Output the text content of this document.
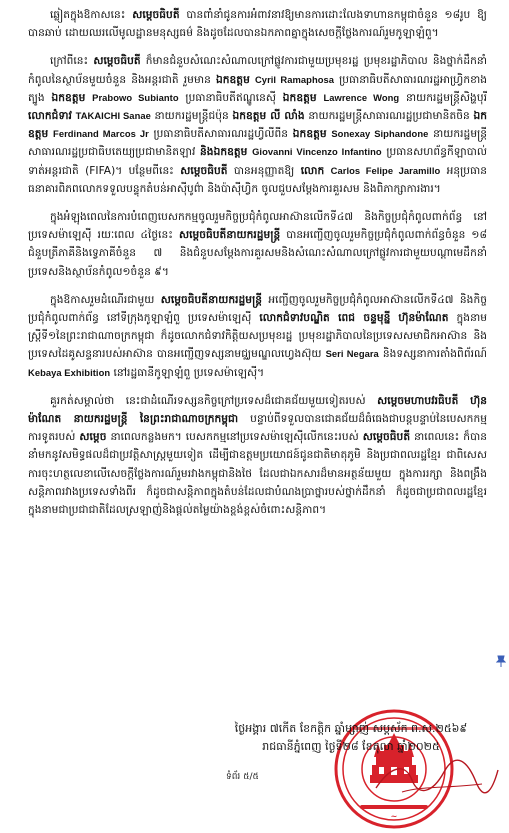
ឆ្លៀតក្នុងឱកាសនេះ សម្ដេចធិបតី បានពាំនាំជូនការអំពាវនាវឱ្យមានការដោះលែងទាហានកម្ពុជាចំនួន ១៨រូប ឱ្យបានឆាប់ ដោយឈរលើមូលដ្ឋានមនុស្សធម៌ និងដូចដែលបានឯកភាពគ្នាក្នុងសេចក្ដីថ្លែងការណ៍រួមកូឡាឡំពួ។

ក្រៅពីនេះ សម្ដេចធិបតី ក៏មានជំនួបសំណេះសំណាលក្រៅផ្លូវការជាមួយប្រមុខរដ្ឋ ប្រមុខរដ្ឋាភិបាល និងថ្នាក់ដឹកនាំកំពូលនៃស្ថាប័នមួយចំនួន និងអន្តរជាតិ រួមមាន ឯកឧត្តម Cyril Ramaphosa ប្រធានាធិបតីសាធារណរដ្ឋអាហ្វ្រិកខាងត្បូង ឯកឧត្តម Prabowo Subianto ប្រធានាធិបតីឥណ្ឌូនេស៊ី ឯកឧត្តម Lawrence Wong នាយករដ្ឋមន្ត្រីសិង្ហបុរី លោកជំទាវ TAKAICHI Sanae នាយករដ្ឋមន្ត្រីជប៉ុន ឯកឧត្តម លី លាំង នាយករដ្ឋមន្ត្រីសាធារណរដ្ឋប្រជាមានិតចិន ឯកឧត្តម Ferdinand Marcos Jr ប្រធានាធិបតីសាធារណរដ្ឋហ្វីលីពីន ឯកឧត្តម Sonexay Siphandone នាយករដ្ឋមន្ត្រីសាធារណរដ្ឋប្រជាធិបតេយ្យប្រជាមានិតឡាវ និងឯកឧត្តម Giovanni Vincenzo Infantino ប្រធានសហព័ន្ធកីឡាបាល់ទាត់អន្តរជាតិ (FIFA)។ បន្ថែមពីនេះ សម្ដេចធិបតី បានអនុញ្ញាតឱ្យ លោក Carlos Felipe Jaramillo អនុប្រធានធនាគារពិភពលោកទទួលបន្ទុកតំបន់អាស៊ីបូព៌ា និងប៉ាស៊ីហ្វិក ចូលជួបសម្ដែងការគួរសម និងពិភាក្សាការងារ។

ក្នុងអំឡុងពេលនៃការបំពេញបេសកកម្មចូលរួមកិច្ចប្រជុំកំពូលអាស៊ានលើកទី៤៧ និងកិច្ចប្រជុំកំពូលពាក់ព័ន្ធ នៅប្រទេសម៉ាឡេស៊ី រយៈពេល ៤ថ្ងៃនេះ សម្ដេចធិបតីនាយករដ្ឋមន្ត្រី បានអញ្ជើញចូលរួមកិច្ចប្រជុំកំពូលពាក់ព័ន្ធចំនួន ១៨ ជំនួបត្រីភាគីនិងទ្វេភាគីចំនួន ៧ និងជំនួបសម្ដែងការគួរសមនិងសំណេះសំណាលក្រៅផ្លូវការជាមួយបណ្ដាមេដឹកនាំប្រទេសនិងស្ថាប័នកំពូល១ចំនួន ៩។

ក្នុងឱកាសរួមដំណើរជាមួយ សម្ដេចធិបតីនាយករដ្ឋមន្ត្រី អញ្ជើញចូលរួមកិច្ចប្រជុំកំពូលអាស៊ានលើកទី៤៧ និងកិច្ចប្រជុំកំពូលពាក់ព័ន្ធ នៅទីក្រុងកូឡាឡំពួ ប្រទេសម៉ាឡេស៊ី លោកជំទាវបណ្ឌិត ពេជ ចន្ទមុន្នី ហ៊ុនម៉ាណែត ក្នុងនាមស្ត្រីទី១នៃព្រះរាជាណាចក្រកម្ពុជា ក៏ដូចលោកជំទាវកិត្តិយសប្រមុខរដ្ឋ ប្រមុខរដ្ឋាភិបាលនៃប្រទេសសមាជិកអាស៊ាន និងប្រទេសដៃគូសន្ទនារបស់អាស៊ាន បានអញ្ជើញទស្សនាមជ្ឈមណ្ឌលហ្វេងស៊ុយ Seri Negara និងទស្សនាការតាំងពិព័រណ៍ Kebaya Exhibition នៅរដ្ឋធានីកូឡាឡំពួ ប្រទេសម៉ាឡេស៊ី។

គួរកត់សម្គាល់ថា នេះជាដំណើរទស្សនកិច្ចក្រៅប្រទេសដ៏ជោគជ័យមួយទៀតរបស់ សម្ដេចមហាបវរធិបតី ហ៊ុន ម៉ាណែត នាយករដ្ឋមន្ត្រី នៃព្រះរាជាណាចក្រកម្ពុជា បន្ទាប់ពីទទួលបានជោគជ័យដ៏ធំធេងជាបន្តបន្ទាប់នៃបេសកកម្មការទូតរបស់ សម្ដេច នាពេលកន្លងមក។ បេសកកម្មនៅប្រទេសម៉ាឡេស៊ីលើកនេះរបស់ សម្ដេចធិបតី នាពេលនេះ ក៏បាននាំមកនូវសមិទ្ធផលដ៏ជាប្រវត្តិសាស្ត្រមួយទៀត ដើម្បីជាឧត្តមប្រយោជន៍ជូនជាតិមាតុភូមិ និងប្រជាពលរដ្ឋខ្មែរ ជាពិសេសការចុះហត្ថលេខាលើសេចក្ដីថ្លែងការណ៍រួមរវាងកម្ពុជានិងថៃ ដែលជាឯកសារដ៏មានអត្ថន័យមួយ ក្នុងការរក្សា និងពង្រឹងសន្តិភាពរវាងប្រទេសទាំងពីរ ក៏ដូចជាសន្តិភាពក្នុងតំបន់ដែលជាបំណងប្រាថ្នារបស់ថ្នាក់ដឹកនាំ ក៏ដូចជាប្រជាពលរដ្ឋខ្មែរ ក្នុងនាមជាប្រជាជាតិដែលស្រឡាញ់និងផ្ដល់តម្លៃយ៉ាងខ្ពង់ខ្ពស់ចំពោះសន្តិភាព។

~
ថ្ងៃអង្គារ ៧កើត ខែកត្តិក ឆ្នាំម្សាញ់ សប្តស័ក ព.ស.២៥៦៩
រាជធានីភ្នំពេញ ថ្ងៃទី២៨ ខែតុលា ឆ្នាំ២០២៥
ទំព័រ ៥/៥
